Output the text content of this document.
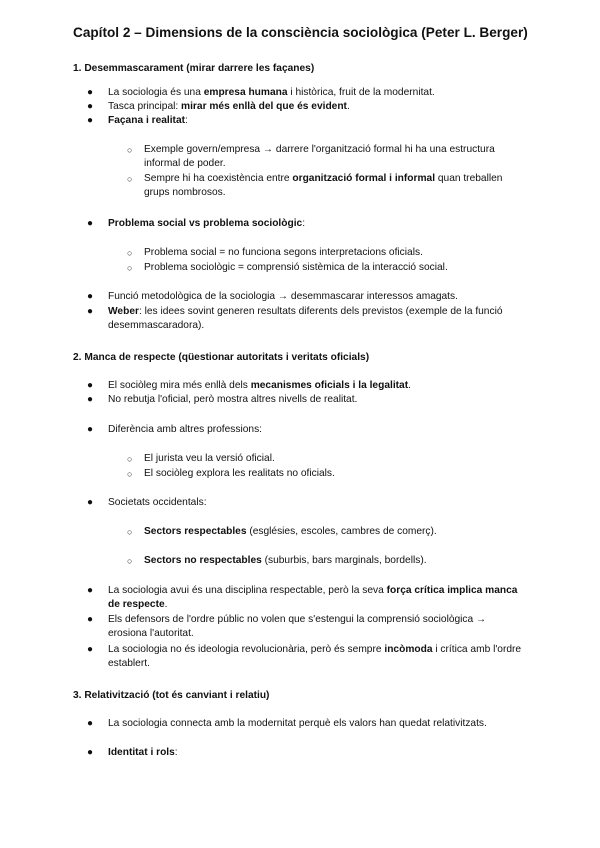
Capítol 2 – Dimensions de la consciència sociològica (Peter L. Berger)
1. Desemmascarament (mirar darrere les façanes)
● La sociologia és una empresa humana i històrica, fruit de la modernitat.
● Tasca principal: mirar més enllà del que és evident.
● Façana i realitat:
○ Exemple govern/empresa → darrere l'organització formal hi ha una estructura informal de poder.
○ Sempre hi ha coexistència entre organització formal i informal quan treballen grups nombrosos.
● Problema social vs problema sociològic:
○ Problema social = no funciona segons interpretacions oficials.
○ Problema sociològic = comprensió sistèmica de la interacció social.
● Funció metodològica de la sociologia → desemmascarar interessos amagats.
● Weber: les idees sovint generen resultats diferents dels previstos (exemple de la funció desemmascaradora).
2. Manca de respecte (qüestionar autoritats i veritats oficials)
● El sociòleg mira més enllà dels mecanismes oficials i la legalitat.
● No rebutja l'oficial, però mostra altres nivells de realitat.
● Diferència amb altres professions:
○ El jurista veu la versió oficial.
○ El sociòleg explora les realitats no oficials.
● Societats occidentals:
○ Sectors respectables (esglésies, escoles, cambres de comerç).
○ Sectors no respectables (suburbis, bars marginals, bordells).
● La sociologia avui és una disciplina respectable, però la seva força crítica implica manca de respecte.
● Els defensors de l'ordre públic no volen que s'estengui la comprensió sociològica → erosiona l'autoritat.
● La sociologia no és ideologia revolucionària, però és sempre incòmoda i crítica amb l'ordre establert.
3. Relativització (tot és canviant i relatiu)
● La sociologia connecta amb la modernitat perquè els valors han quedat relativitzats.
● Identitat i rols:
